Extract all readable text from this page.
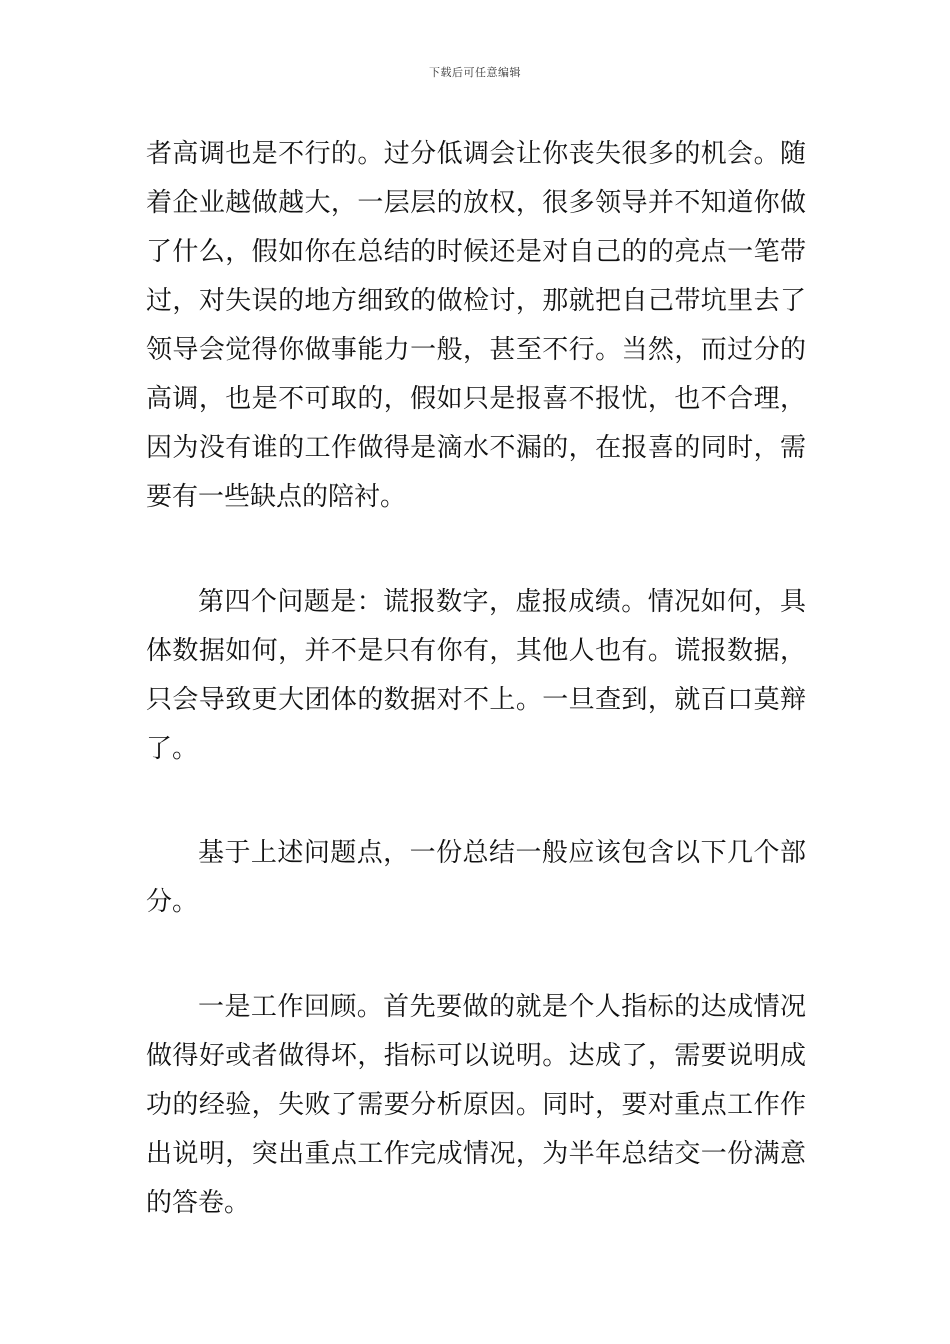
下载后可任意编辑

者高调也是不行的。过分低调会让你丧失很多的机会。随着企业越做越大，一层层的放权，很多领导并不知道你做了什么，假如你在总结的时候还是对自己的的亮点一笔带过，对失误的地方细致的做检讨，那就把自己带坑里去了领导会觉得你做事能力一般，甚至不行。当然，而过分的高调，也是不可取的，假如只是报喜不报忧，也不合理，因为没有谁的工作做得是滴水不漏的，在报喜的同时，需要有一些缺点的陪衬。

第四个问题是：谎报数字，虚报成绩。情况如何，具体数据如何，并不是只有你有，其他人也有。谎报数据，只会导致更大团体的数据对不上。一旦查到，就百口莫辩了。

基于上述问题点，一份总结一般应该包含以下几个部分。

一是工作回顾。首先要做的就是个人指标的达成情况做得好或者做得坏，指标可以说明。达成了，需要说明成功的经验，失败了需要分析原因。同时，要对重点工作作出说明，突出重点工作完成情况，为半年总结交一份满意的答卷。
